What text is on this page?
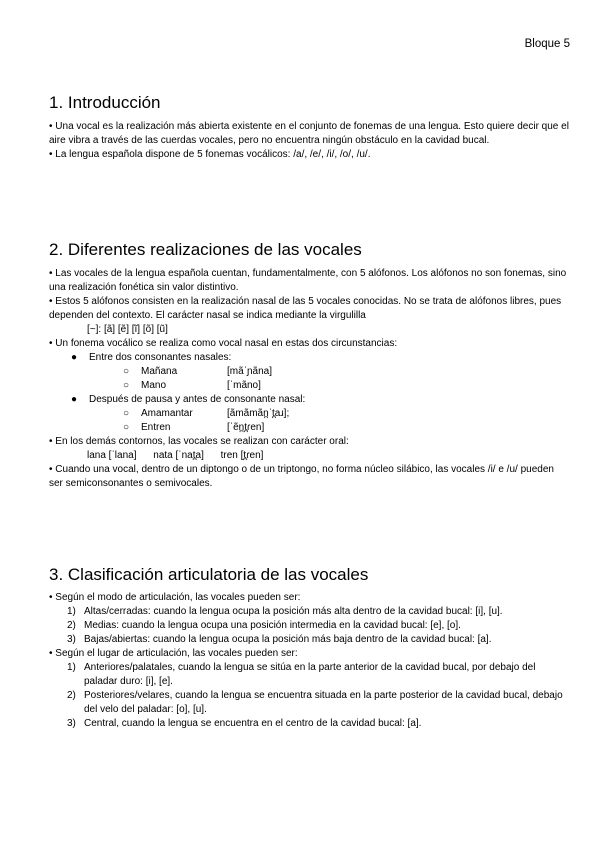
Bloque 5
1. Introducción

• Una vocal es la realización más abierta existente en el conjunto de fonemas de una lengua. Esto quiere decir que el aire vibra a través de las cuerdas vocales, pero no encuentra ningún obstáculo en la cavidad bucal.

• La lengua española dispone de 5 fonemas vocálicos: /a/, /e/, /i/, /o/, /u/.

2. Diferentes realizaciones de las vocales

• Las vocales de la lengua española cuentan, fundamentalmente, con 5 alófonos. Los alófonos no son fonemas, sino una realización fonética sin valor distintivo.

• Estos 5 alófonos consisten en la realización nasal de las 5 vocales conocidas. No se trata de alófonos libres, pues dependen del contexto. El carácter nasal se indica mediante la virgulilla

[~]: [ã] [ẽ] [ĩ] [õ] [ũ]

• Un fonema vocálico se realiza como vocal nasal en estas dos circunstancias:

●	Entre dos consonantes nasales:
○	Mañana	[mãˈɲãna]
○	Mano	[ˈmãno]
●	Después de pausa y antes de consonante nasal:
○	Amamantar	[ãmãmãn̪ˈt̪aɹ];
○	Entren	[ˈẽn̪t̪ɾen]

• En los demás contornos, las vocales se realizan con carácter oral:

lana [ˈlana] nata [ˈnat̪a] tren [t̪ɾen]

• Cuando una vocal, dentro de un diptongo o de un triptongo, no forma núcleo silábico, las vocales /i/ e /u/ pueden ser semiconsonantes o semivocales.

3. Clasificación articulatoria de las vocales

• Según el modo de articulación, las vocales pueden ser:

1) Altas/cerradas: cuando la lengua ocupa la posición más alta dentro de la cavidad bucal: [i], [u].
2) Medias: cuando la lengua ocupa una posición intermedia en la cavidad bucal: [e], [o].
3) Bajas/abiertas: cuando la lengua ocupa la posición más baja dentro de la cavidad bucal: [a].

• Según el lugar de articulación, las vocales pueden ser:

1) Anteriores/palatales, cuando la lengua se sitúa en la parte anterior de la cavidad bucal, por debajo del paladar duro: [i], [e].
2) Posteriores/velares, cuando la lengua se encuentra situada en la parte posterior de la cavidad bucal, debajo del velo del paladar: [o], [u].
3) Central, cuando la lengua se encuentra en el centro de la cavidad bucal: [a].
